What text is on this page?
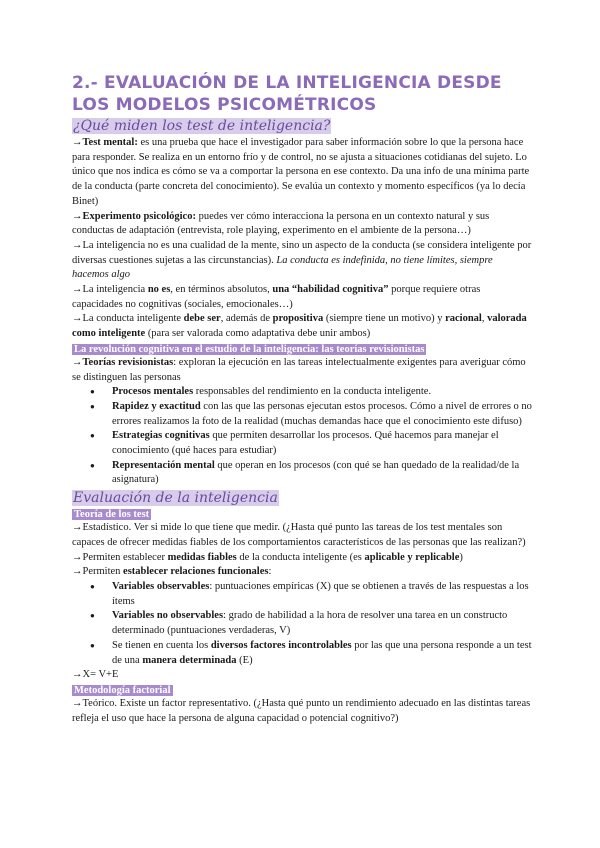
2.- EVALUACIÓN DE LA INTELIGENCIA DESDE LOS MODELOS PSICOMÉTRICOS
¿Qué miden los test de inteligencia?

→Test mental: es una prueba que hace el investigador para saber información sobre lo que la persona hace para responder. Se realiza en un entorno frío y de control, no se ajusta a situaciones cotidianas del sujeto. Lo único que nos indica es cómo se va a comportar la persona en ese contexto. Da una info de una mínima parte de la conducta (parte concreta del conocimiento). Se evalúa un contexto y momento específicos (ya lo decía Binet)

→Experimento psicológico: puedes ver cómo interacciona la persona en un contexto natural y sus conductas de adaptación (entrevista, role playing, experimento en el ambiente de la persona…)

→La inteligencia no es una cualidad de la mente, sino un aspecto de la conducta (se considera inteligente por diversas cuestiones sujetas a las circunstancias). La conducta es indefinida, no tiene límites, siempre hacemos algo

→La inteligencia no es, en términos absolutos, una “habilidad cognitiva” porque requiere otras capacidades no cognitivas (sociales, emocionales…)

→La conducta inteligente debe ser, además de propositiva (siempre tiene un motivo) y racional, valorada como inteligente (para ser valorada como adaptativa debe unir ambos)

La revolución cognitiva en el estudio de la inteligencia: las teorías revisionistas

→Teorías revisionistas: exploran la ejecución en las tareas intelectualmente exigentes para averiguar cómo se distinguen las personas

● Procesos mentales responsables del rendimiento en la conducta inteligente.
● Rapidez y exactitud con las que las personas ejecutan estos procesos. Cómo a nivel de errores o no errores realizamos la foto de la realidad (muchas demandas hace que el conocimiento este difuso)
● Estrategias cognitivas que permiten desarrollar los procesos. Qué hacemos para manejar el conocimiento (qué haces para estudiar)
● Representación mental que operan en los procesos (con qué se han quedado de la realidad/de la asignatura)
Evaluación de la inteligencia
Teoría de los test

→Estadístico. Ver si mide lo que tiene que medir. (¿Hasta qué punto las tareas de los test mentales son capaces de ofrecer medidas fiables de los comportamientos característicos de las personas que las realizan?)

→Permiten establecer medidas fiables de la conducta inteligente (es aplicable y replicable)

→Permiten establecer relaciones funcionales:

● Variables observables: puntuaciones empíricas (X) que se obtienen a través de las respuestas a los ítems
● Variables no observables: grado de habilidad a la hora de resolver una tarea en un constructo determinado (puntuaciones verdaderas, V)
● Se tienen en cuenta los diversos factores incontrolables por las que una persona responde a un test de una manera determinada (E)

→X= V+E

Metodología factorial

→Teórico. Existe un factor representativo. (¿Hasta qué punto un rendimiento adecuado en las distintas tareas refleja el uso que hace la persona de alguna capacidad o potencial cognitivo?)
